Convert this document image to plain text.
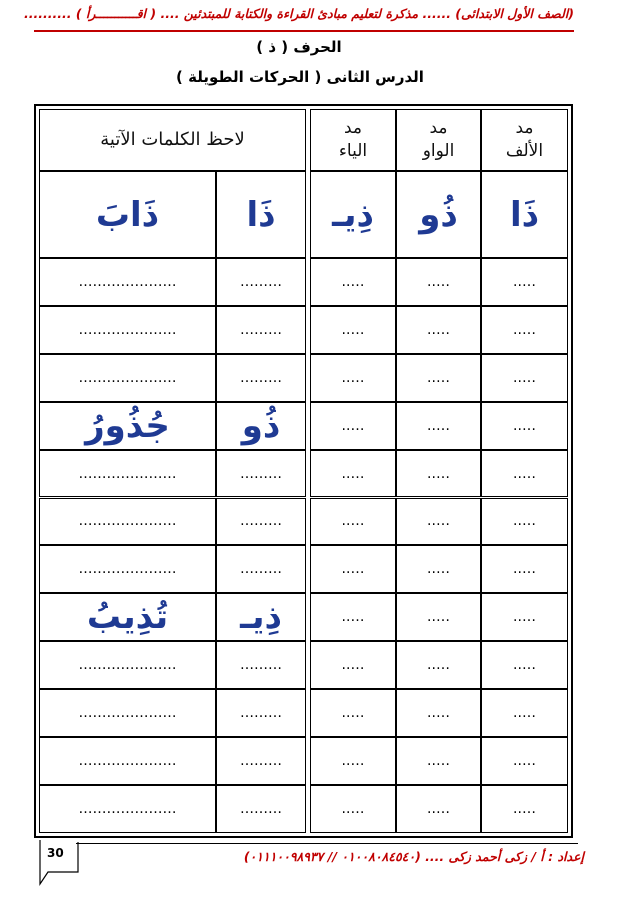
(الصف الأول الابتدائى) ...... مذكرة لتعليم مبادئ القراءة والكتابة للمبتدئين .... ( اقـــــــــــرأ ) ..........
الحرف ( ذ )
الدرس الثانى ( الحركات الطويلة )
مد
الألف
مد
الواو
مد
الياء
لاحظ الكلمات الآتية
ذَا
ذُو
ذِيـ
ذَا
ذَابَ
…..
…..
…..
………
…………………
…..
…..
…..
………
…………………
…..
…..
…..
………
…………………
…..
…..
…..
ذُو
جُذُورُ
…..
…..
…..
………
…………………
…..
…..
…..
………
…………………
…..
…..
…..
………
…………………
…..
…..
…..
ذِيـ
تُذِيبُ
…..
…..
…..
………
…………………
…..
…..
…..
………
…………………
…..
…..
…..
………
…………………
…..
…..
…..
………
…………………
30	إعداد : أ / زكى أحمد زكى .... (٠١٠٠٨٠٨٤٥٤٠ // ٠١١١٠٠٩٨٩٣٧)
